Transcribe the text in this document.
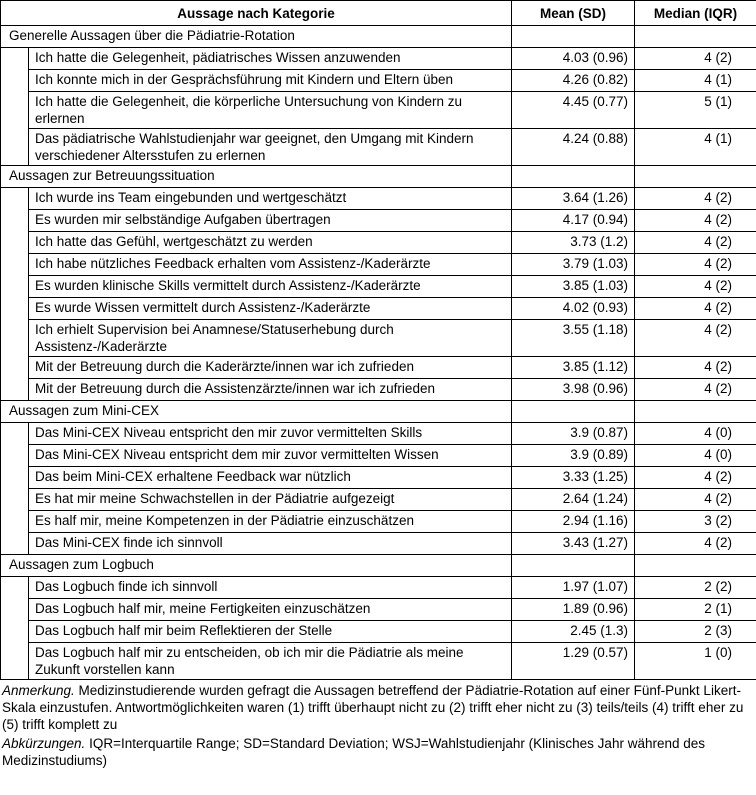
Aussage nach Kategorie		Mean (SD)	Median (IQR)
Generelle Aussagen über die Pädiatrie-Rotation			
	Ich hatte die Gelegenheit, pädiatrisches Wissen anzuwenden	4.03 (0.96)	4 (2)
	Ich konnte mich in der Gesprächsführung mit Kindern und Eltern üben	4.26 (0.82)	4 (1)
	Ich hatte die Gelegenheit, die körperliche Untersuchung von Kindern zu erlernen	4.45 (0.77)	5 (1)
	Das pädiatrische Wahlstudienjahr war geeignet, den Umgang mit Kindern verschiedener Altersstufen zu erlernen	4.24 (0.88)	4 (1)
Aussagen zur Betreuungssituation			
	Ich wurde ins Team eingebunden und wertgeschätzt	3.64 (1.26)	4 (2)
	Es wurden mir selbständige Aufgaben übertragen	4.17 (0.94)	4 (2)
	Ich hatte das Gefühl, wertgeschätzt zu werden	3.73 (1.2)	4 (2)
	Ich habe nützliches Feedback erhalten vom Assistenz-/Kaderärzte	3.79 (1.03)	4 (2)
	Es wurden klinische Skills vermittelt durch Assistenz-/Kaderärzte	3.85 (1.03)	4 (2)
	Es wurde Wissen vermittelt durch Assistenz-/Kaderärzte	4.02 (0.93)	4 (2)
	Ich erhielt Supervision bei Anamnese/Statuserhebung durch Assistenz-/Kaderärzte	3.55 (1.18)	4 (2)
	Mit der Betreuung durch die Kaderärzte/innen war ich zufrieden	3.85 (1.12)	4 (2)
	Mit der Betreuung durch die Assistenzärzte/innen war ich zufrieden	3.98 (0.96)	4 (2)
Aussagen zum Mini-CEX			
	Das Mini-CEX Niveau entspricht den mir zuvor vermittelten Skills	3.9 (0.87)	4 (0)
	Das Mini-CEX Niveau entspricht dem mir zuvor vermittelten Wissen	3.9 (0.89)	4 (0)
	Das beim Mini-CEX erhaltene Feedback war nützlich	3.33 (1.25)	4 (2)
	Es hat mir meine Schwachstellen in der Pädiatrie aufgezeigt	2.64 (1.24)	4 (2)
	Es half mir, meine Kompetenzen in der Pädiatrie einzuschätzen	2.94 (1.16)	3 (2)
	Das Mini-CEX finde ich sinnvoll	3.43 (1.27)	4 (2)
Aussagen zum Logbuch			
	Das Logbuch finde ich sinnvoll	1.97 (1.07)	2 (2)
	Das Logbuch half mir, meine Fertigkeiten einzuschätzen	1.89 (0.96)	2 (1)
	Das Logbuch half mir beim Reflektieren der Stelle	2.45 (1.3)	2 (3)
	Das Logbuch half mir zu entscheiden, ob ich mir die Pädiatrie als meine Zukunft vorstellen kann	1.29 (0.57)	1 (0)
Anmerkung. Medizinstudierende wurden gefragt die Aussagen betreffend der Pädiatrie-Rotation auf einer Fünf-Punkt Likert-Skala einzustufen. Antwortmöglichkeiten waren (1) trifft überhaupt nicht zu (2) trifft eher nicht zu (3) teils/teils (4) trifft eher zu (5) trifft komplett zu
Abkürzungen. IQR=Interquartile Range; SD=Standard Deviation; WSJ=Wahlstudienjahr (Klinisches Jahr während des Medizinstudiums)
